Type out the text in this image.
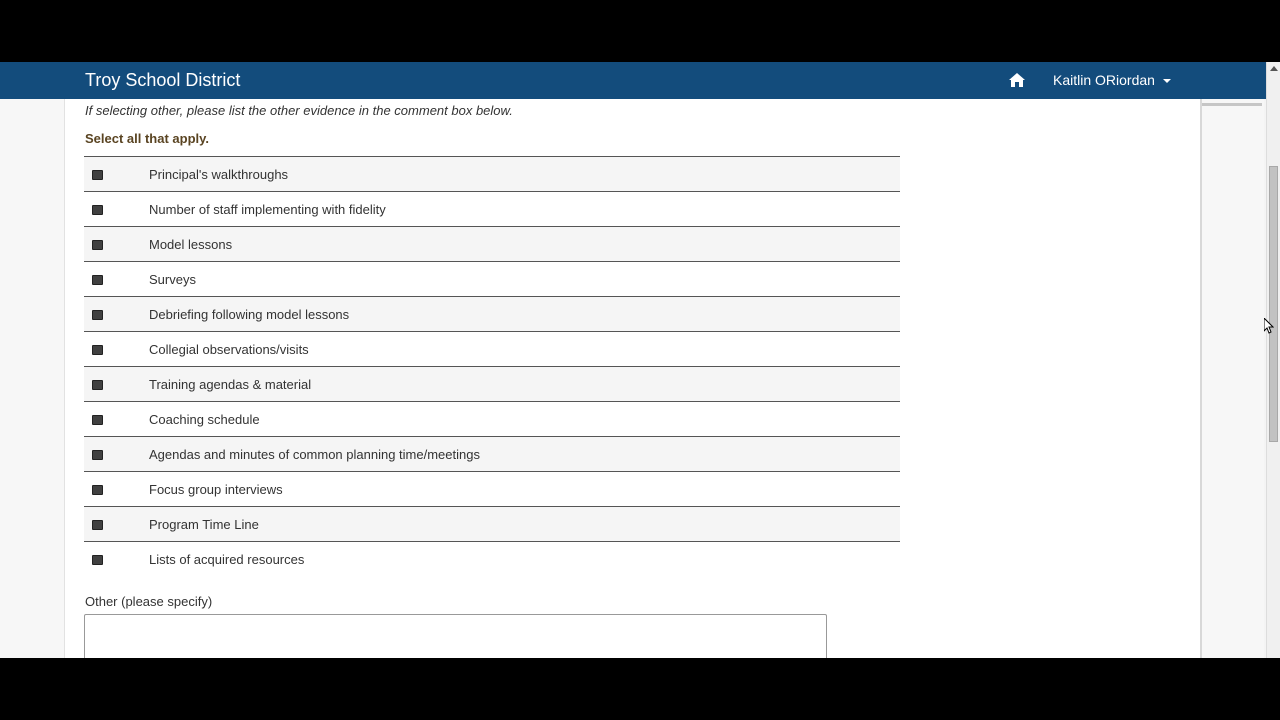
Troy School District	Kaitlin ORiordan
If selecting other, please list the other evidence in the comment box below.
Select all that apply.
Principal's walkthroughs
Number of staff implementing with fidelity
Model lessons
Surveys
Debriefing following model lessons
Collegial observations/visits
Training agendas & material
Coaching schedule
Agendas and minutes of common planning time/meetings
Focus group interviews
Program Time Line
Lists of acquired resources
Other (please specify)
